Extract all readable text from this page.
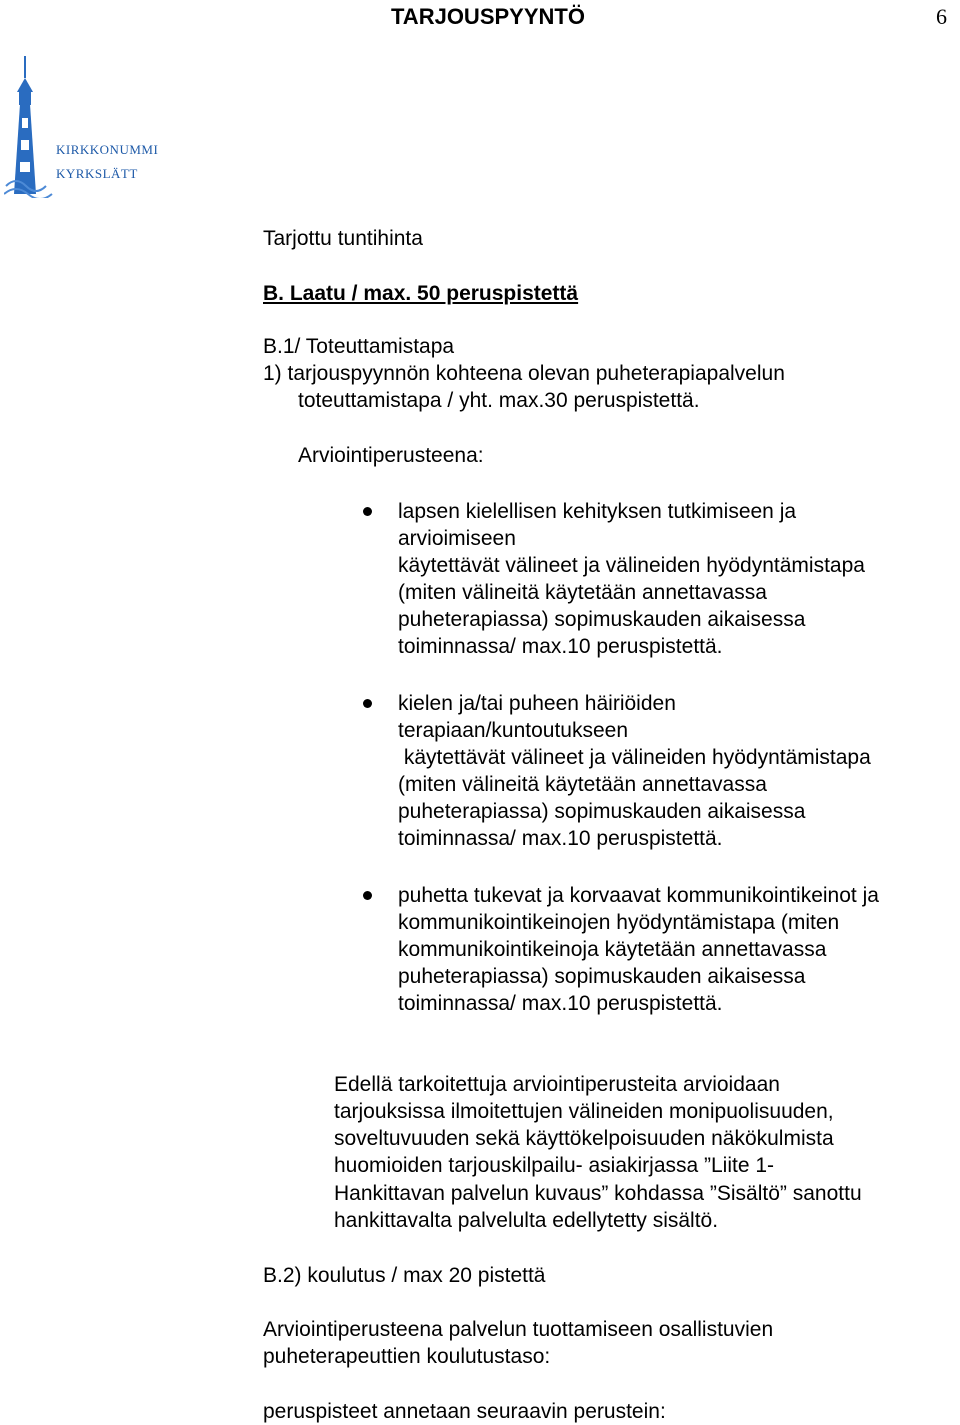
TARJOUSPYYNTÖ	6
KIRKKONUMMI
KYRKSLÄTT
Tarjottu tuntihinta
B. Laatu / max. 50 peruspistettä
B.1/ Toteuttamistapa
1) tarjouspyynnön kohteena olevan puheterapiapalvelun
toteuttamistapa / yht. max.30 peruspistettä.
Arviointiperusteena:
lapsen kielellisen kehityksen tutkimiseen ja
arvioimiseen
käytettävät välineet ja välineiden hyödyntämistapa
(miten välineitä käytetään annettavassa
puheterapiassa) sopimuskauden aikaisessa
toiminnassa/ max.10 peruspistettä.
kielen ja/tai puheen häiriöiden
terapiaan/kuntoutukseen
käytettävät välineet ja välineiden hyödyntämistapa
(miten välineitä käytetään annettavassa
puheterapiassa) sopimuskauden aikaisessa
toiminnassa/ max.10 peruspistettä.
puhetta tukevat ja korvaavat kommunikointikeinot ja
kommunikointikeinojen hyödyntämistapa (miten
kommunikointikeinoja käytetään annettavassa
puheterapiassa) sopimuskauden aikaisessa
toiminnassa/ max.10 peruspistettä.
Edellä tarkoitettuja arviointiperusteita arvioidaan
tarjouksissa ilmoitettujen välineiden monipuolisuuden,
soveltuvuuden sekä käyttökelpoisuuden näkökulmista
huomioiden tarjouskilpailu- asiakirjassa ”Liite 1-
Hankittavan palvelun kuvaus” kohdassa ”Sisältö” sanottu
hankittavalta palvelulta edellytetty sisältö.
B.2) koulutus / max 20 pistettä
Arviointiperusteena palvelun tuottamiseen osallistuvien
puheterapeuttien koulutustaso:
peruspisteet annetaan seuraavin perustein:
